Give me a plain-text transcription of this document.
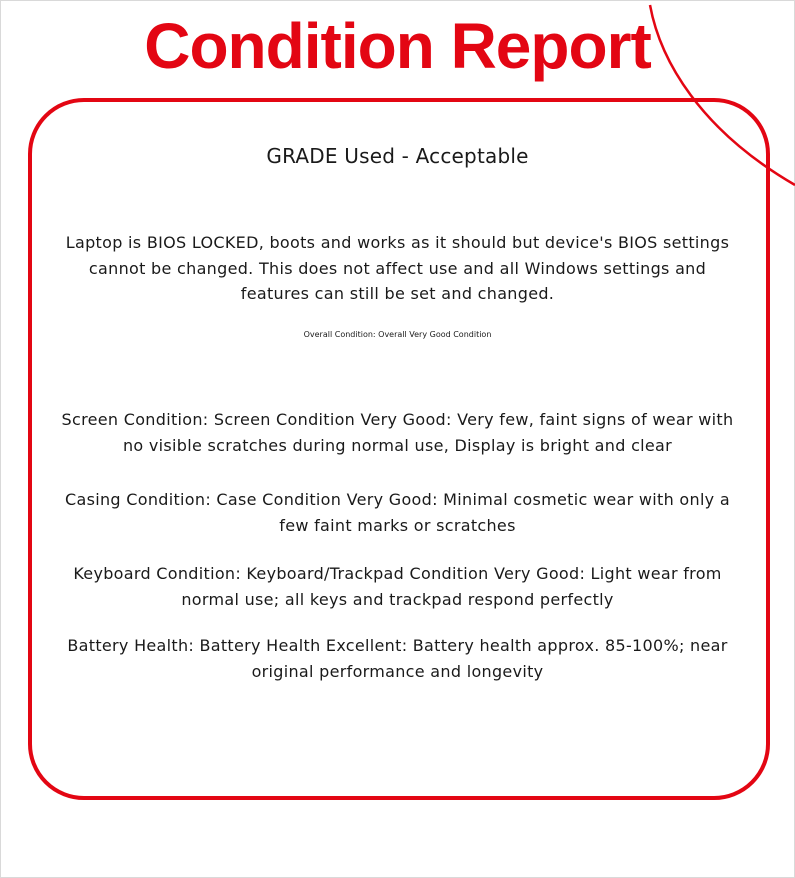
Condition Report
GRADE Used - Acceptable
Laptop is BIOS LOCKED, boots and works as it should but device's BIOS settings cannot be changed. This does not affect use and all Windows settings and features can still be set and changed.
Overall Condition: Overall Very Good Condition
Screen Condition: Screen Condition Very Good: Very few, faint signs of wear with no visible scratches during normal use, Display is bright and clear
Casing Condition: Case Condition Very Good: Minimal cosmetic wear with only a few faint marks or scratches
Keyboard Condition: Keyboard/Trackpad Condition Very Good: Light wear from normal use; all keys and trackpad respond perfectly
Battery Health: Battery Health Excellent: Battery health approx. 85-100%; near original performance and longevity
